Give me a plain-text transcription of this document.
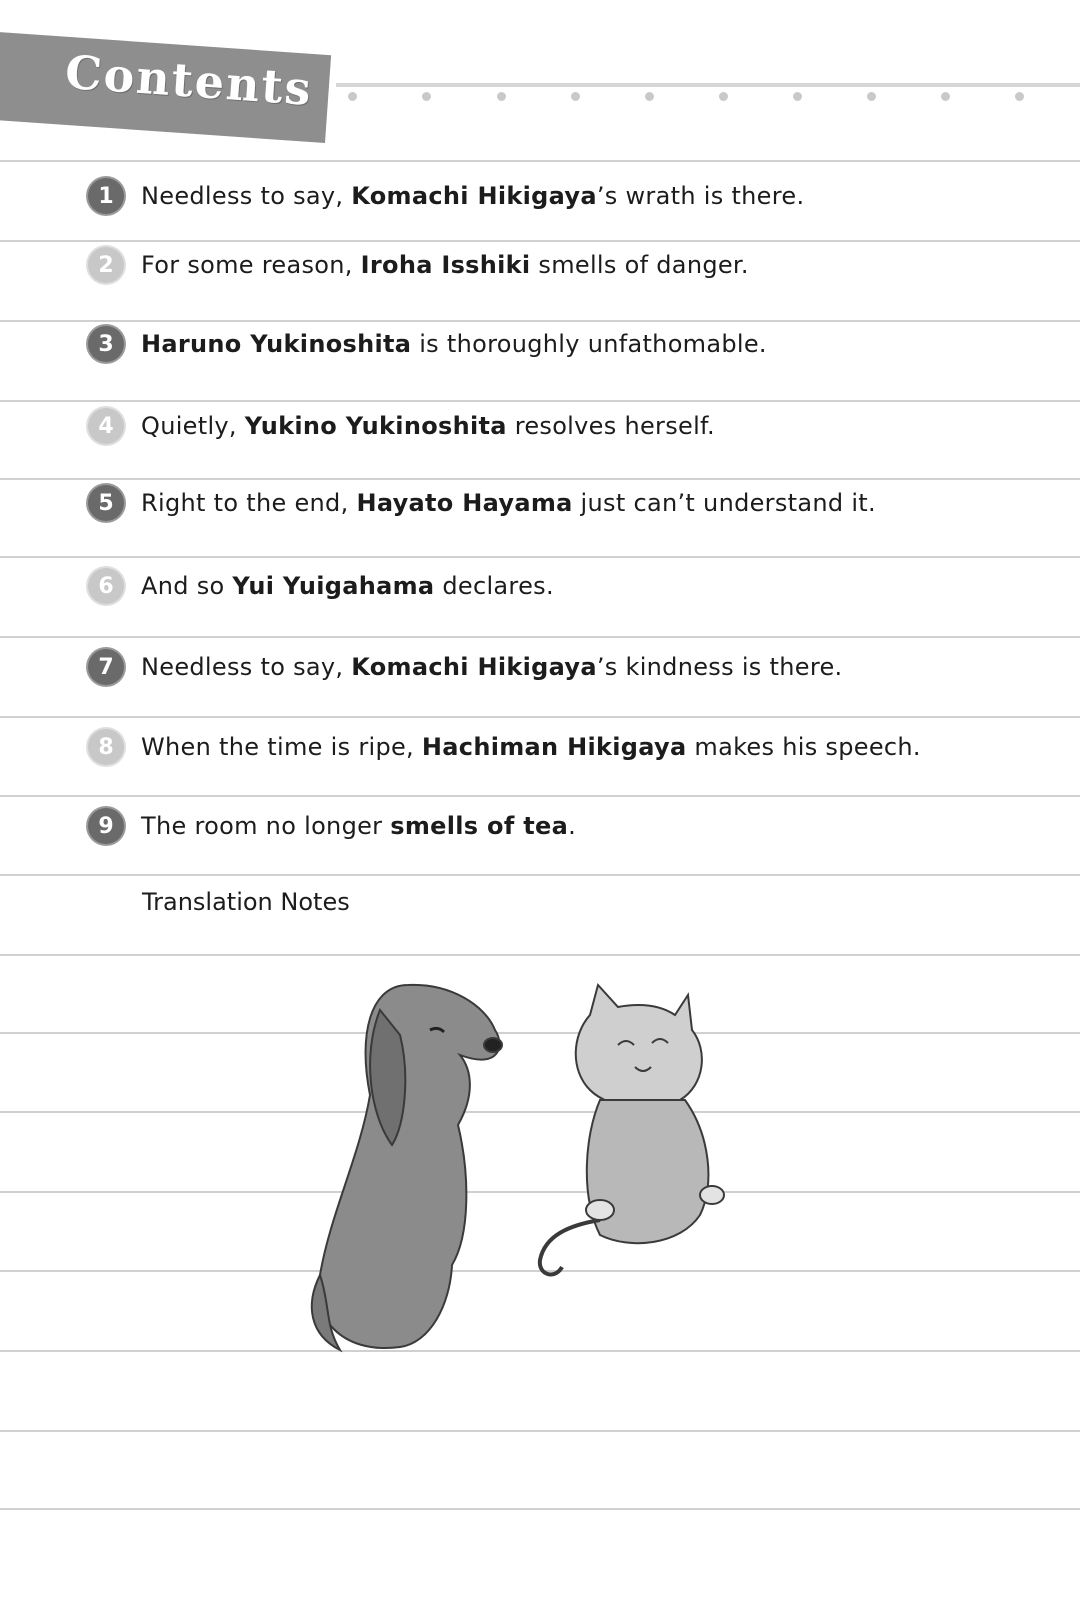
Contents
1	Needless to say, Komachi Hikigaya’s wrath is there.
2	For some reason, Iroha Isshiki smells of danger.
3	Haruno Yukinoshita is thoroughly unfathomable.
4	Quietly, Yukino Yukinoshita resolves herself.
5	Right to the end, Hayato Hayama just can’t understand it.
6	And so Yui Yuigahama declares.
7	Needless to say, Komachi Hikigaya’s kindness is there.
8	When the time is ripe, Hachiman Hikigaya makes his speech.
9	The room no longer smells of tea.
Translation Notes
